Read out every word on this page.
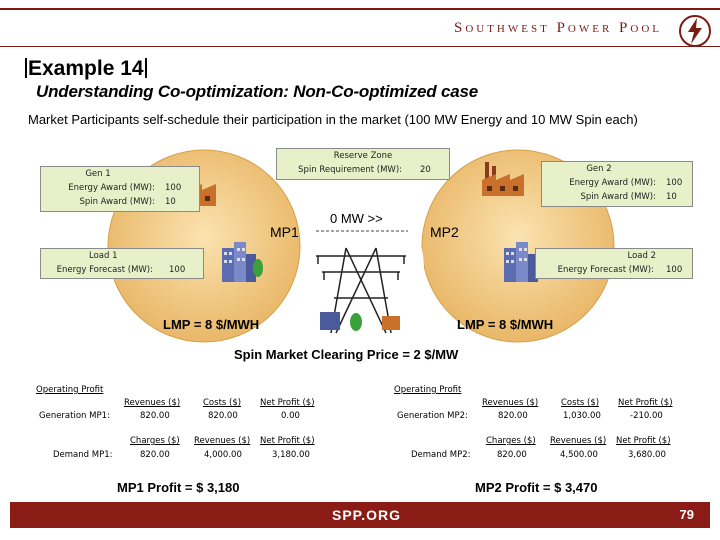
Southwest Power Pool
Example 14
Understanding Co-optimization: Non-Co-optimized case
Market Participants self-schedule their participation in the market (100 MW Energy and 10 MW Spin each)
Reserve Zone
Spin Requirement (MW):	20
Gen 1
Energy Award (MW):	100
Spin Award (MW):	10
Gen 2
Energy Award (MW):	100
Spin Award (MW):	10
Load 1
Energy Forecast (MW):	100
Load 2
Energy Forecast (MW):	100
MP1	MP2
0 MW >>
LMP = 8 $/MWH	LMP = 8 $/MWH
Spin Market Clearing Price = 2 $/MW
Operating Profit
Revenues ($)	Costs ($) Net Profit ($)
Generation MP1:	820.00	820.00	0.00
Charges ($) Revenues ($) Net Profit ($)
Demand MP1:	820.00	4,000.00	3,180.00
Operating Profit
Revenues ($)	Costs ($) Net Profit ($)
Generation MP2:	820.00	1,030.00	-210.00
Charges ($) Revenues ($) Net Profit ($)
Demand MP2:	820.00	4,500.00	3,680.00
MP1 Profit = $ 3,180	MP2 Profit = $ 3,470
SPP.ORG	79
